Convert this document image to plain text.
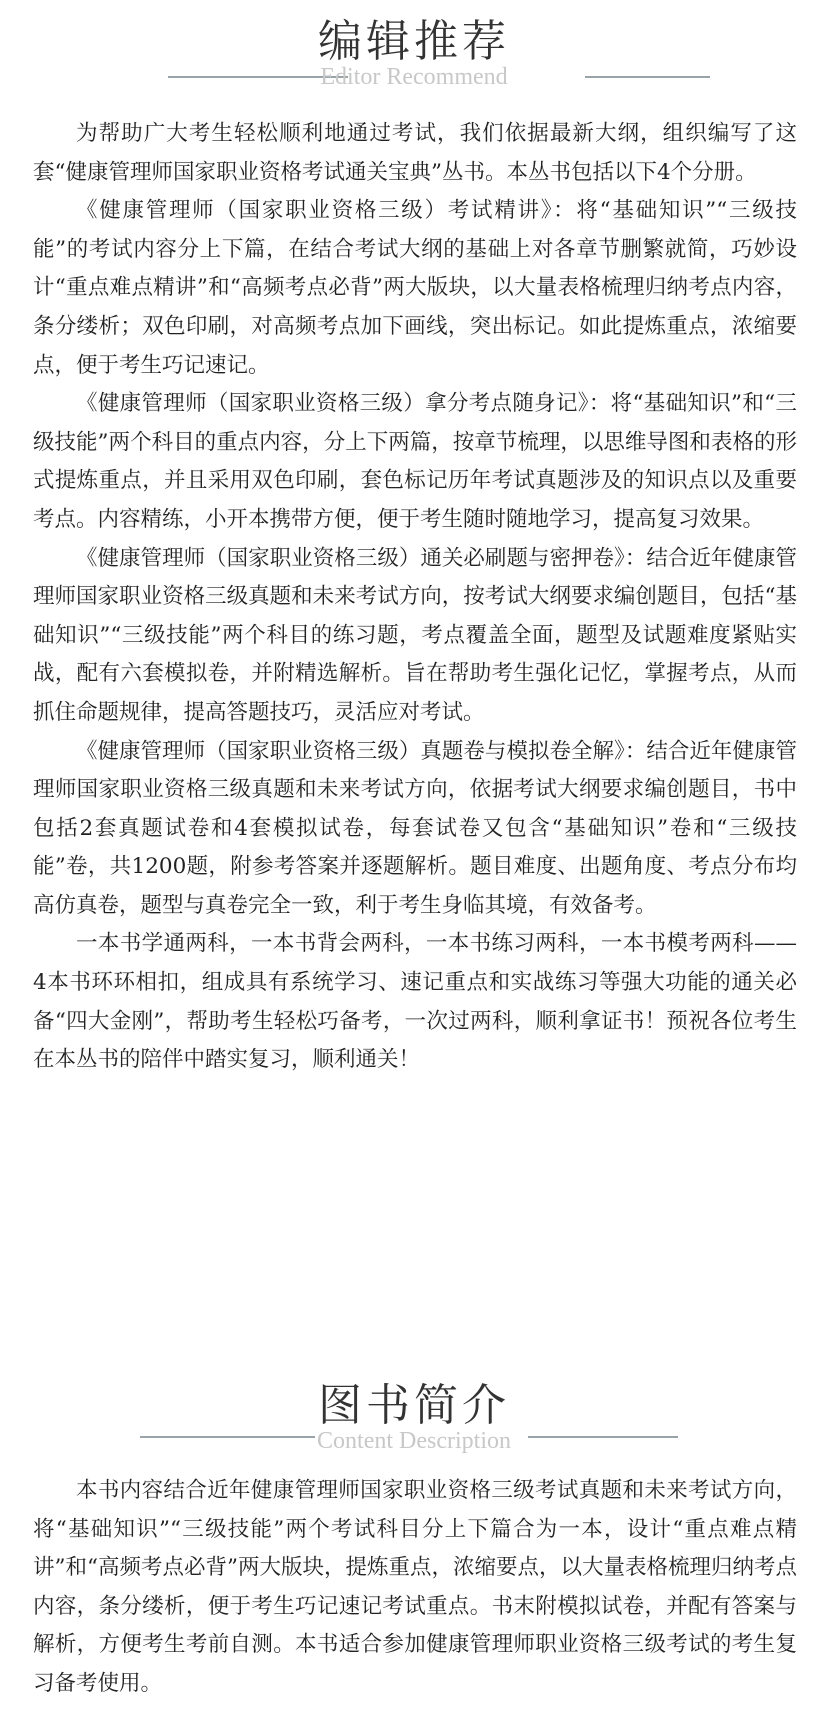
编辑推荐
Editor Recommend

为帮助广大考生轻松顺利地通过考试，我们依据最新大纲，组织编写了这套“健康管理师国家职业资格考试通关宝典”丛书。本丛书包括以下4个分册。

《健康管理师（国家职业资格三级）考试精讲》：将“基础知识”“三级技能”的考试内容分上下篇，在结合考试大纲的基础上对各章节删繁就简，巧妙设计“重点难点精讲”和“高频考点必背”两大版块，以大量表格梳理归纳考点内容，条分缕析；双色印刷，对高频考点加下画线，突出标记。如此提炼重点，浓缩要点，便于考生巧记速记。

《健康管理师（国家职业资格三级）拿分考点随身记》：将“基础知识”和“三级技能”两个科目的重点内容，分上下两篇，按章节梳理，以思维导图和表格的形式提炼重点，并且采用双色印刷，套色标记历年考试真题涉及的知识点以及重要考点。内容精练，小开本携带方便，便于考生随时随地学习，提高复习效果。

《健康管理师（国家职业资格三级）通关必刷题与密押卷》：结合近年健康管理师国家职业资格三级真题和未来考试方向，按考试大纲要求编创题目，包括“基础知识”“三级技能”两个科目的练习题，考点覆盖全面，题型及试题难度紧贴实战，配有六套模拟卷，并附精选解析。旨在帮助考生强化记忆，掌握考点，从而抓住命题规律，提高答题技巧，灵活应对考试。

《健康管理师（国家职业资格三级）真题卷与模拟卷全解》：结合近年健康管理师国家职业资格三级真题和未来考试方向，依据考试大纲要求编创题目，书中包括2套真题试卷和4套模拟试卷，每套试卷又包含“基础知识”卷和“三级技能”卷，共1200题，附参考答案并逐题解析。题目难度、出题角度、考点分布均高仿真卷，题型与真卷完全一致，利于考生身临其境，有效备考。

一本书学通两科，一本书背会两科，一本书练习两科，一本书模考两科——4本书环环相扣，组成具有系统学习、速记重点和实战练习等强大功能的通关必备“四大金刚”，帮助考生轻松巧备考，一次过两科，顺利拿证书！预祝各位考生在本丛书的陪伴中踏实复习，顺利通关！

图书简介
Content Description

本书内容结合近年健康管理师国家职业资格三级考试真题和未来考试方向，将“基础知识”“三级技能”两个考试科目分上下篇合为一本，设计“重点难点精讲”和“高频考点必背”两大版块，提炼重点，浓缩要点，以大量表格梳理归纳考点内容，条分缕析，便于考生巧记速记考试重点。书末附模拟试卷，并配有答案与解析，方便考生考前自测。本书适合参加健康管理师职业资格三级考试的考生复习备考使用。
